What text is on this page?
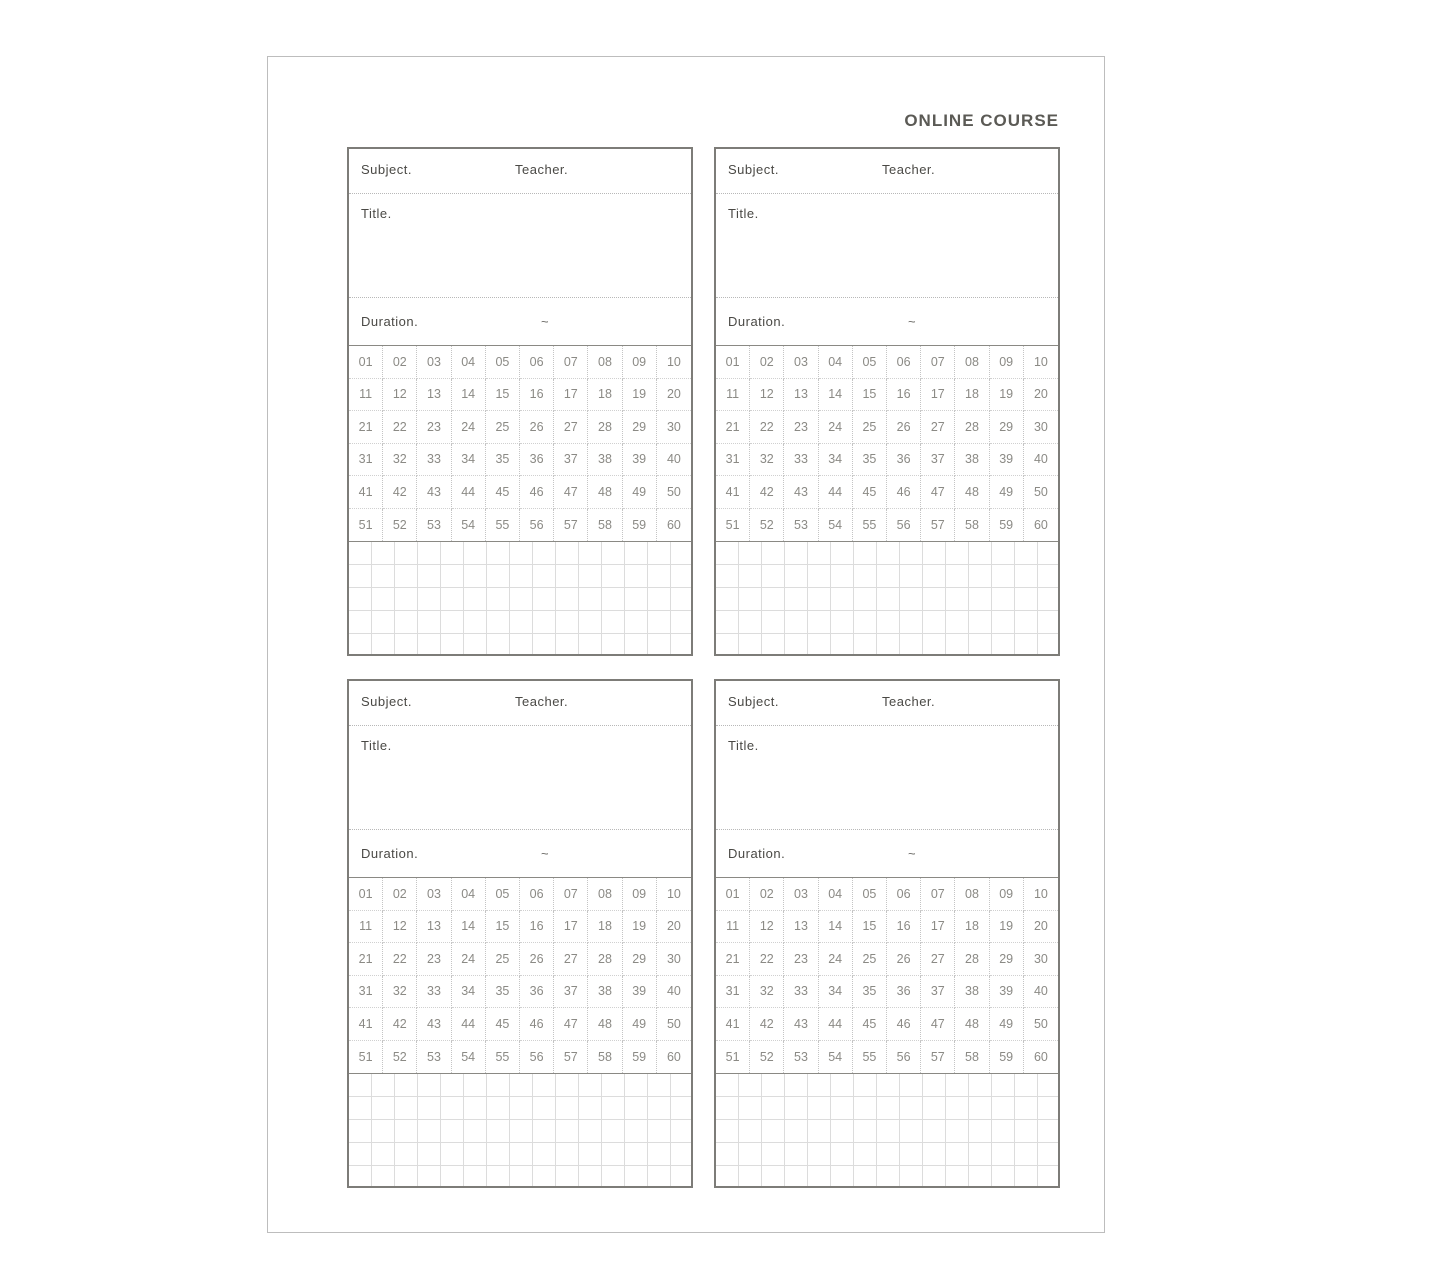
ONLINE COURSE
Subject.	Teacher.
Title.
Duration.	~
01	02	03	04	05	06	07	08	09	10
11	12	13	14	15	16	17	18	19	20
21	22	23	24	25	26	27	28	29	30
31	32	33	34	35	36	37	38	39	40
41	42	43	44	45	46	47	48	49	50
51	52	53	54	55	56	57	58	59	60
Subject.	Teacher.
Title.
Duration.	~
01	02	03	04	05	06	07	08	09	10
11	12	13	14	15	16	17	18	19	20
21	22	23	24	25	26	27	28	29	30
31	32	33	34	35	36	37	38	39	40
41	42	43	44	45	46	47	48	49	50
51	52	53	54	55	56	57	58	59	60
Subject.	Teacher.
Title.
Duration.	~
01	02	03	04	05	06	07	08	09	10
11	12	13	14	15	16	17	18	19	20
21	22	23	24	25	26	27	28	29	30
31	32	33	34	35	36	37	38	39	40
41	42	43	44	45	46	47	48	49	50
51	52	53	54	55	56	57	58	59	60
Subject.	Teacher.
Title.
Duration.	~
01	02	03	04	05	06	07	08	09	10
11	12	13	14	15	16	17	18	19	20
21	22	23	24	25	26	27	28	29	30
31	32	33	34	35	36	37	38	39	40
41	42	43	44	45	46	47	48	49	50
51	52	53	54	55	56	57	58	59	60
